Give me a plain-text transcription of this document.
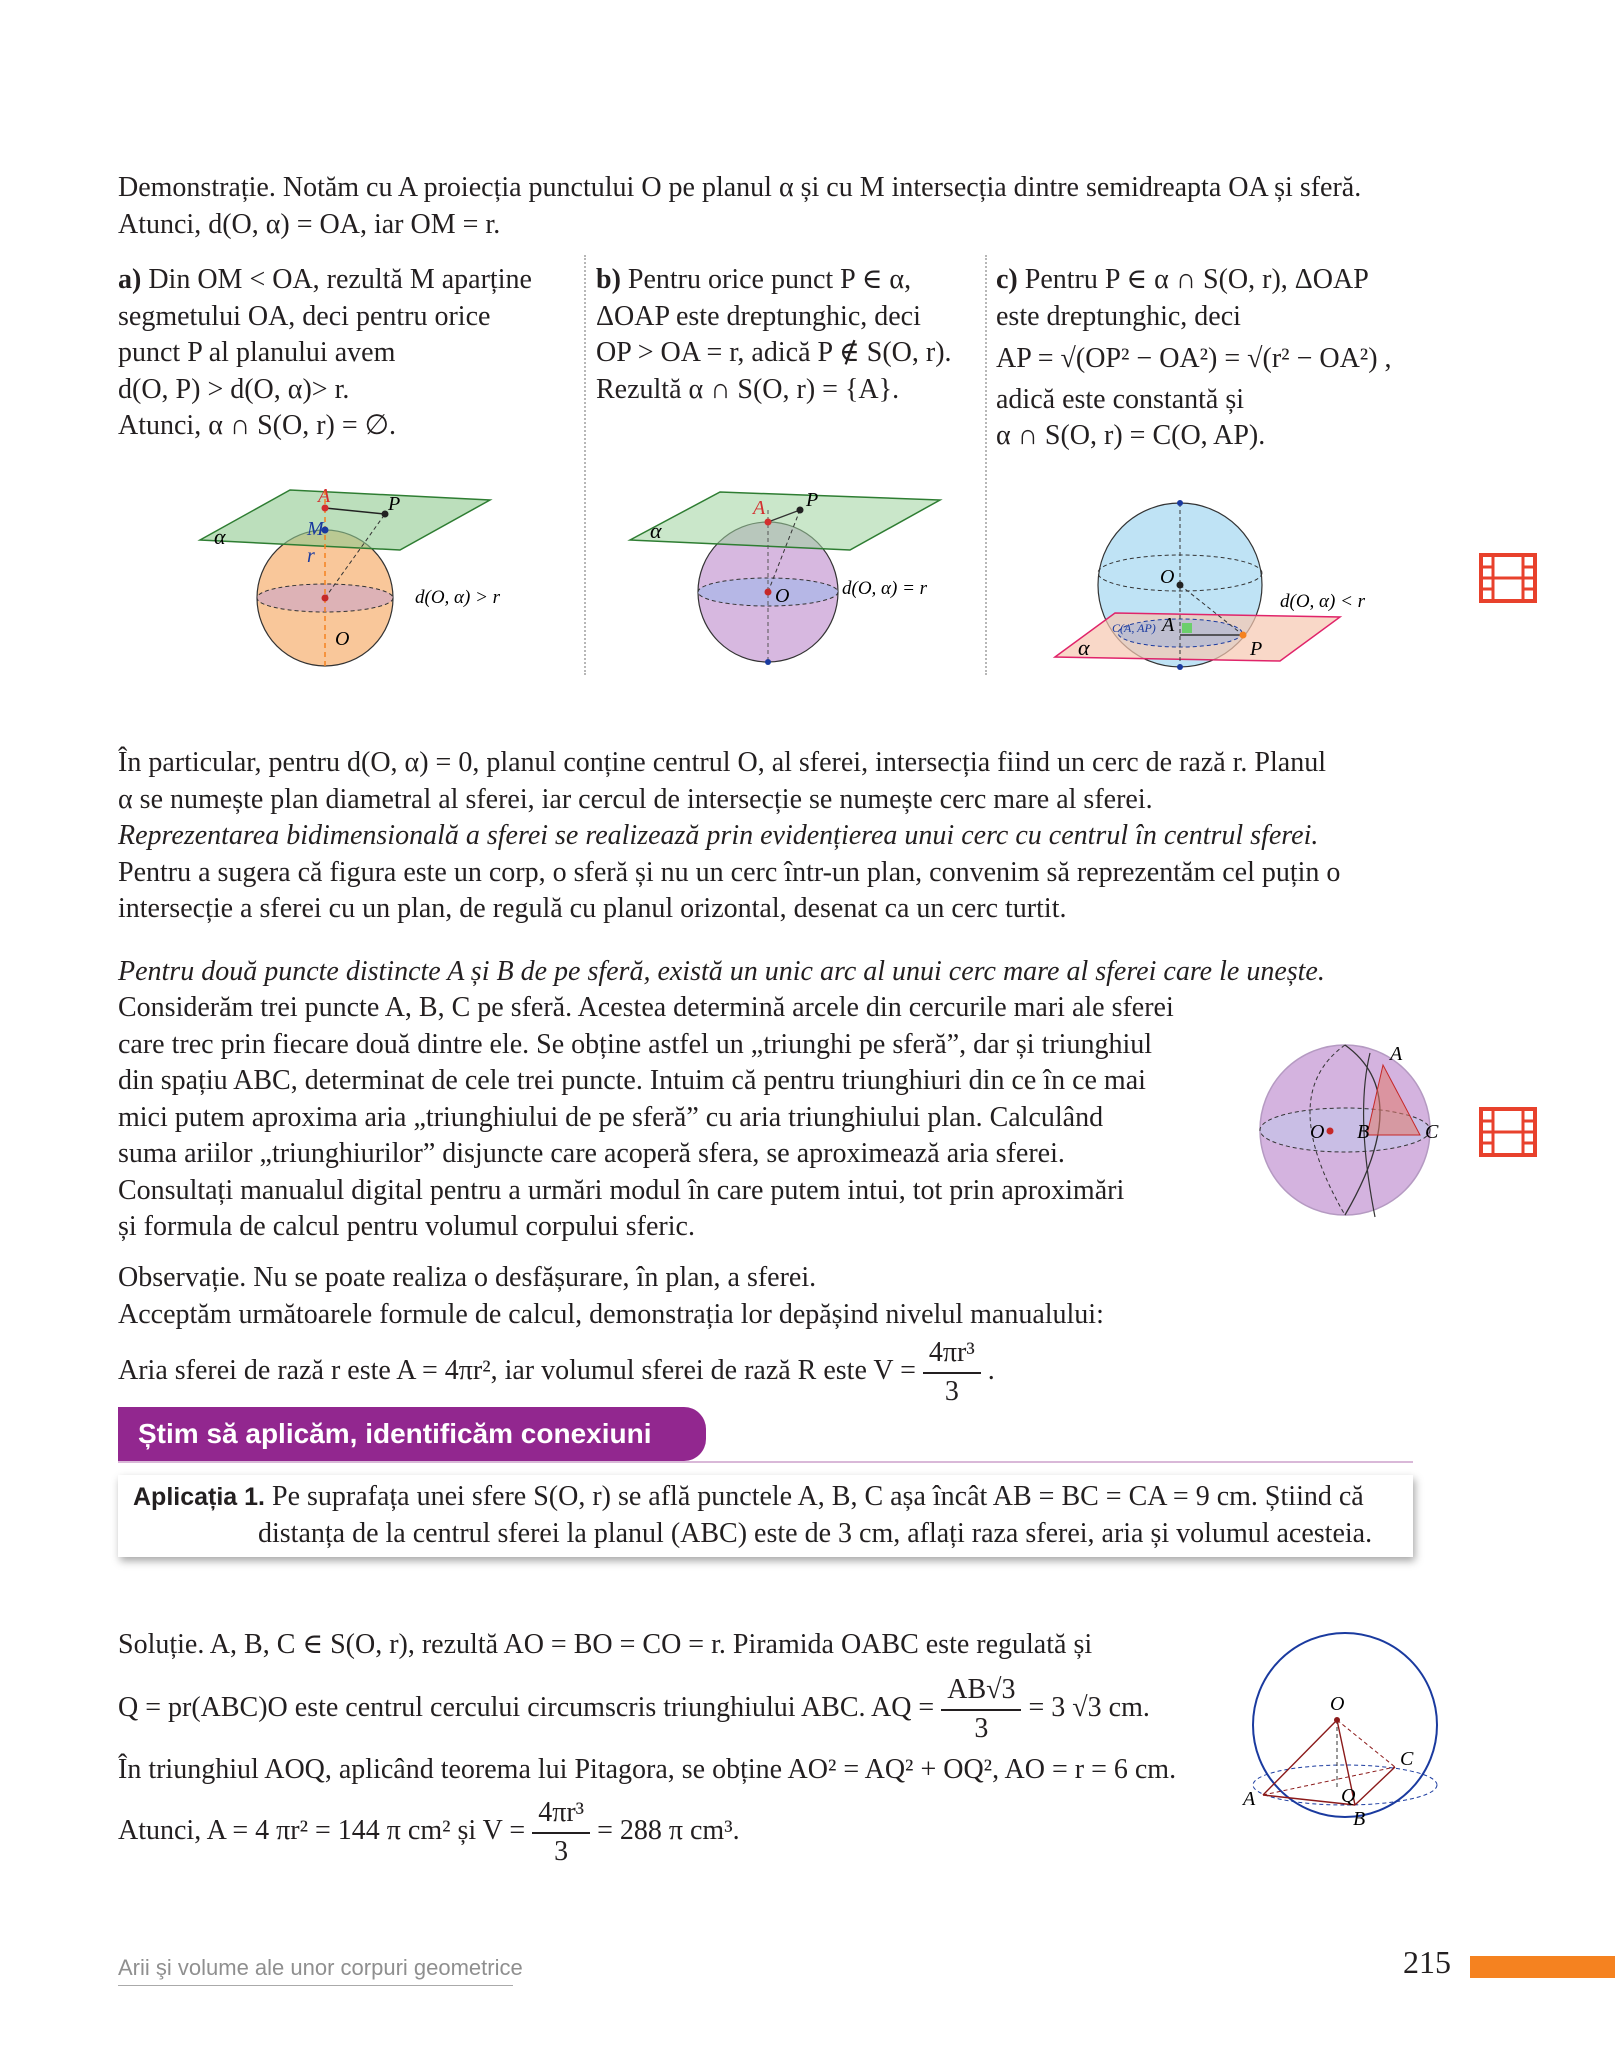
Demonstrație. Notăm cu A proiecția punctului O pe planul α și cu M intersecția dintre semidreapta OA și sferă.
Atunci, d(O, α) = OA, iar OM = r.
a) Din OM < OA, rezultă M aparține
segmetului OA, deci pentru orice
punct P al planului avem
d(O, P) > d(O, α)> r.
Atunci, α ∩ S(O, r) = ∅.
b) Pentru orice punct P ∈ α,
ΔOAP este dreptunghic, deci
OP > OA = r, adică P ∉ S(O, r).
Rezultă α ∩ S(O, r) = {A}.
c) Pentru P ∈ α ∩ S(O, r), ΔOAP
este dreptunghic, deci
AP = √(OP² − OA²) = √(r² − OA²) ,
adică este constantă și
α ∩ S(O, r) = C(O, AP).
A	P
M
r
O
α
d(O, α) > r
A P
O
α
d(O, α) = r
O
A
P
α
C(A, AP)
d(O, α) < r
În particular, pentru d(O, α) = 0, planul conține centrul O, al sferei, intersecția fiind un cerc de rază r. Planul
α se numește plan diametral al sferei, iar cercul de intersecție se numește cerc mare al sferei.
Reprezentarea bidimensională a sferei se realizează prin evidențierea unui cerc cu centrul în centrul sferei.
Pentru a sugera că figura este un corp, o sferă și nu un cerc într-un plan, convenim să reprezentăm cel puțin o
intersecție a sferei cu un plan, de regulă cu planul orizontal, desenat ca un cerc turtit.
Pentru două puncte distincte A și B de pe sferă, există un unic arc al unui cerc mare al sferei care le unește.
Considerăm trei puncte A, B, C pe sferă. Acestea determină arcele din cercurile mari ale sferei
care trec prin fiecare două dintre ele. Se obține astfel un „triunghi pe sferă”, dar și triunghiul
din spațiu ABC, determinat de cele trei puncte. Intuim că pentru triunghiuri din ce în ce mai
mici putem aproxima aria „triunghiului de pe sferă” cu aria triunghiului plan. Calculând
suma ariilor „triunghiurilor” disjuncte care acoperă sfera, se aproximează aria sferei.
Consultați manualul digital pentru a urmări modul în care putem intui, tot prin aproximări
și formula de calcul pentru volumul corpului sferic.
A
B	C
O
Observație. Nu se poate realiza o desfășurare, în plan, a sferei.
Acceptăm următoarele formule de calcul, demonstrația lor depășind nivelul manualului:
Aria sferei de rază r este A = 4πr², iar volumul sferei de rază R este $V = \frac{\text{4πr³}}{3}$ .
Știm să aplicăm, identificăm conexiuni
Aplicația 1. Pe suprafața unei sfere S(O, r) se află punctele A, B, C așa încât AB = BC = CA = 9 cm. Știind că
distanța de la centrul sferei la planul (ABC) este de 3 cm, aflați raza sferei, aria și volumul acesteia.
Soluție. A, B, C ∈ S(O, r), rezultă AO = BO = CO = r. Piramida OABC este regulată și
Q = pr(ABC)O este centrul cercului circumscris triunghiului ABC. AQ = $\frac{AB√3}{3} = 3$ √3 cm.
În triunghiul AOQ, aplicând teorema lui Pitagora, se obține AO² = AQ² + OQ², AO = r = 6 cm.
Atunci, A = 4 πr² = 144 π cm² și $V = \frac{\text{4πr³}}{3} = 288$ π cm³.
O
A
B
C
Q
Arii şi volume ale unor corpuri geometrice	215
